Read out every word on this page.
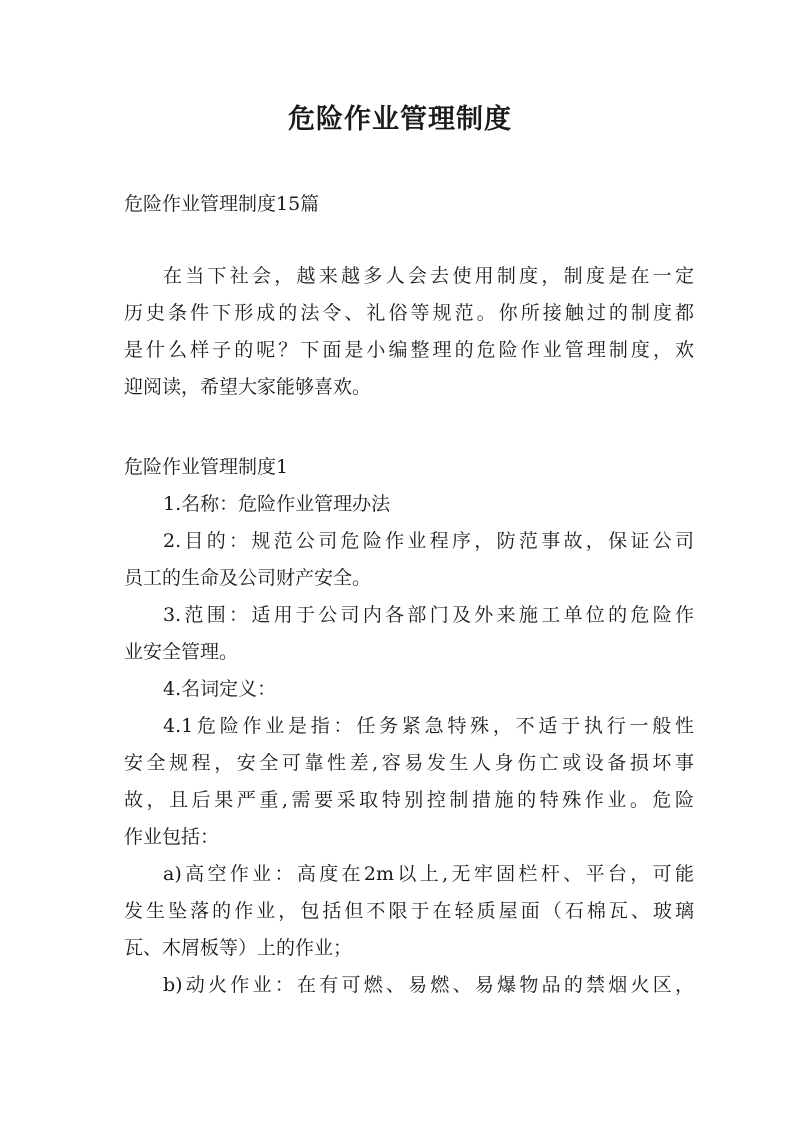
危险作业管理制度

危险作业管理制度15篇

在当下社会，越来越多人会去使用制度，制度是在一定

历史条件下形成的法令、礼俗等规范。你所接触过的制度都

是什么样子的呢？下面是小编整理的危险作业管理制度，欢

迎阅读，希望大家能够喜欢。

危险作业管理制度1

1.名称：危险作业管理办法

2.目的：规范公司危险作业程序，防范事故，保证公司

员工的生命及公司财产安全。

3.范围：适用于公司内各部门及外来施工单位的危险作

业安全管理。

4.名词定义：

4.1危险作业是指：任务紧急特殊，不适于执行一般性

安全规程，安全可靠性差,容易发生人身伤亡或设备损坏事

故，且后果严重,需要采取特别控制措施的特殊作业。危险

作业包括：

a)高空作业：高度在2m以上,无牢固栏杆、平台，可能

发生坠落的作业，包括但不限于在轻质屋面（石棉瓦、玻璃

瓦、木屑板等）上的作业；

b)动火作业：在有可燃、易燃、易爆物品的禁烟火区，
